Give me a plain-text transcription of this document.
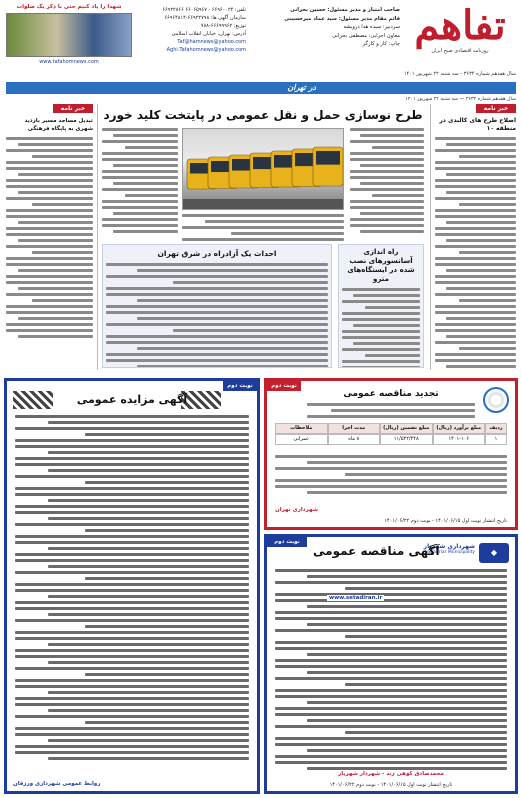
تفاهم
روزنامه اقتصادی صبح ایران
صاحب امتیاز و مدیر مسئول: حسین بحرانی
قائم مقام مدیر مسئول: سید عماد میرحسینی
سردبیر: سیده هدا درویشه
معاون اجرایی: مصطفی بحرانی
چاپ: کار و کارگر
تلفن: ۶۶۹۶۰۰۲۴ - ۶۶۰۶۵۹۶۷ ۶۶۹۲۲۸۶۶
سازمان آگهی ها: ۶۶۹۲۲۷۹۸-۶۶۹۶۴۸۱۴
توزیع: ۶۶۶۹۹۹۶۲-۷۸۸
آدرس: تهران، خیابان انقلاب اسلامی
Taf@hamnews@yahoo.com
Aghi.Tafahomnews@yahoo.com
شهدا را یاد کنیم حتی با ذکر یک صلوات
www.tafahomnews.com
سال هفدهم شماره ۳۶۳۴ - سه شنبه ۲۲ شهریور ۱۴۰۱
در تهران
سال هفدهم شماره ۳۶۳۴ — سه شنبه ۲۲ شهریور ۱۴۰۱
خبر نامه
اصلاح طرح های کالبدی در منطقه ۱۰
خبر نامه
تبدیل مساجد مسیر بازدید شهری به پایگاه فرهنگی
طرح نوسازی حمل و نقل عمومی در پایتخت کلید خورد
راه اندازی آسانسورهای نصب شده در ایستگاه‌های مترو
احداث یک آزادراه در شرق تهران
نوبت دوم
آگهی مزایده عمومی
روابط عمومی شهرداری ورزقان
نوبت دوم
تجدید مناقصه عمومی
ردیف
مبلغ برآورد (ریال)
مبلغ تضمین (ریال)
مدت اجرا
ملاحظات
۱
۱۴۰۱-۱۰۶
۱۱/۵۴۲/۴۴۸
۸ ماه
عمرانی
شهرداری تهران
تاریخ انتشار نوبت اول ۱۴۰۱/۰۶/۱۵ - نوبت دوم ۱۴۰۱/۰۶/۲۲
◆
شهرداری شهریار
Shahriar Municipality
آگهی مناقصه عمومی
نوبت دوم
www.setadiran.ir
محمدصادق کوهی زند - شهردار شهریار
تاریخ انتشار نوبت اول ۱۴۰۱/۰۶/۱۵ - نوبت دوم ۱۴۰۱/۰۶/۲۲
